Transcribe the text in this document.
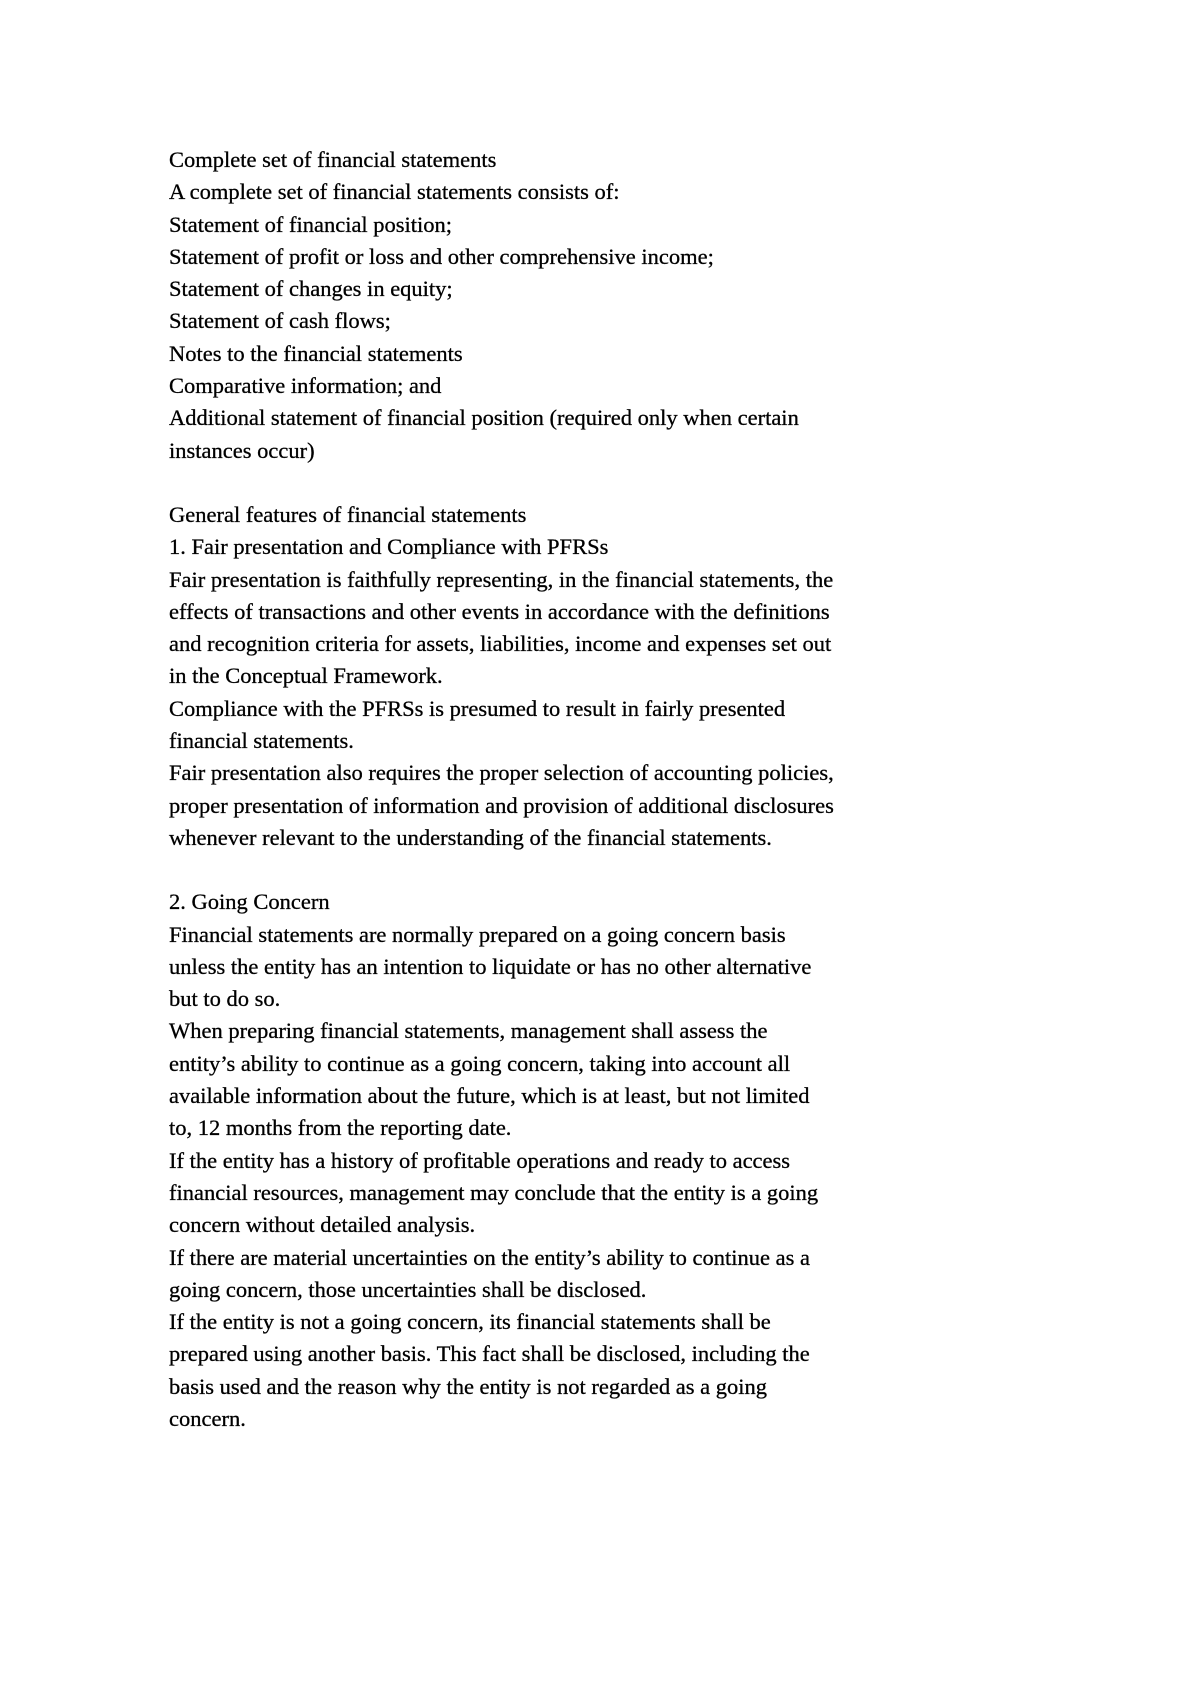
Complete set of financial statements
A complete set of financial statements consists of:
Statement of financial position;
Statement of profit or loss and other comprehensive income;
Statement of changes in equity;
Statement of cash flows;
Notes to the financial statements
Comparative information; and
Additional statement of financial position (required only when certain
instances occur)
General features of financial statements
1. Fair presentation and Compliance with PFRSs
Fair presentation is faithfully representing, in the financial statements, the
effects of transactions and other events in accordance with the definitions
and recognition criteria for assets, liabilities, income and expenses set out
in the Conceptual Framework.
Compliance with the PFRSs is presumed to result in fairly presented
financial statements.
Fair presentation also requires the proper selection of accounting policies,
proper presentation of information and provision of additional disclosures
whenever relevant to the understanding of the financial statements.
2. Going Concern
Financial statements are normally prepared on a going concern basis
unless the entity has an intention to liquidate or has no other alternative
but to do so.
When preparing financial statements, management shall assess the
entity’s ability to continue as a going concern, taking into account all
available information about the future, which is at least, but not limited
to, 12 months from the reporting date.
If the entity has a history of profitable operations and ready to access
financial resources, management may conclude that the entity is a going
concern without detailed analysis.
If there are material uncertainties on the entity’s ability to continue as a
going concern, those uncertainties shall be disclosed.
If the entity is not a going concern, its financial statements shall be
prepared using another basis. This fact shall be disclosed, including the
basis used and the reason why the entity is not regarded as a going
concern.
